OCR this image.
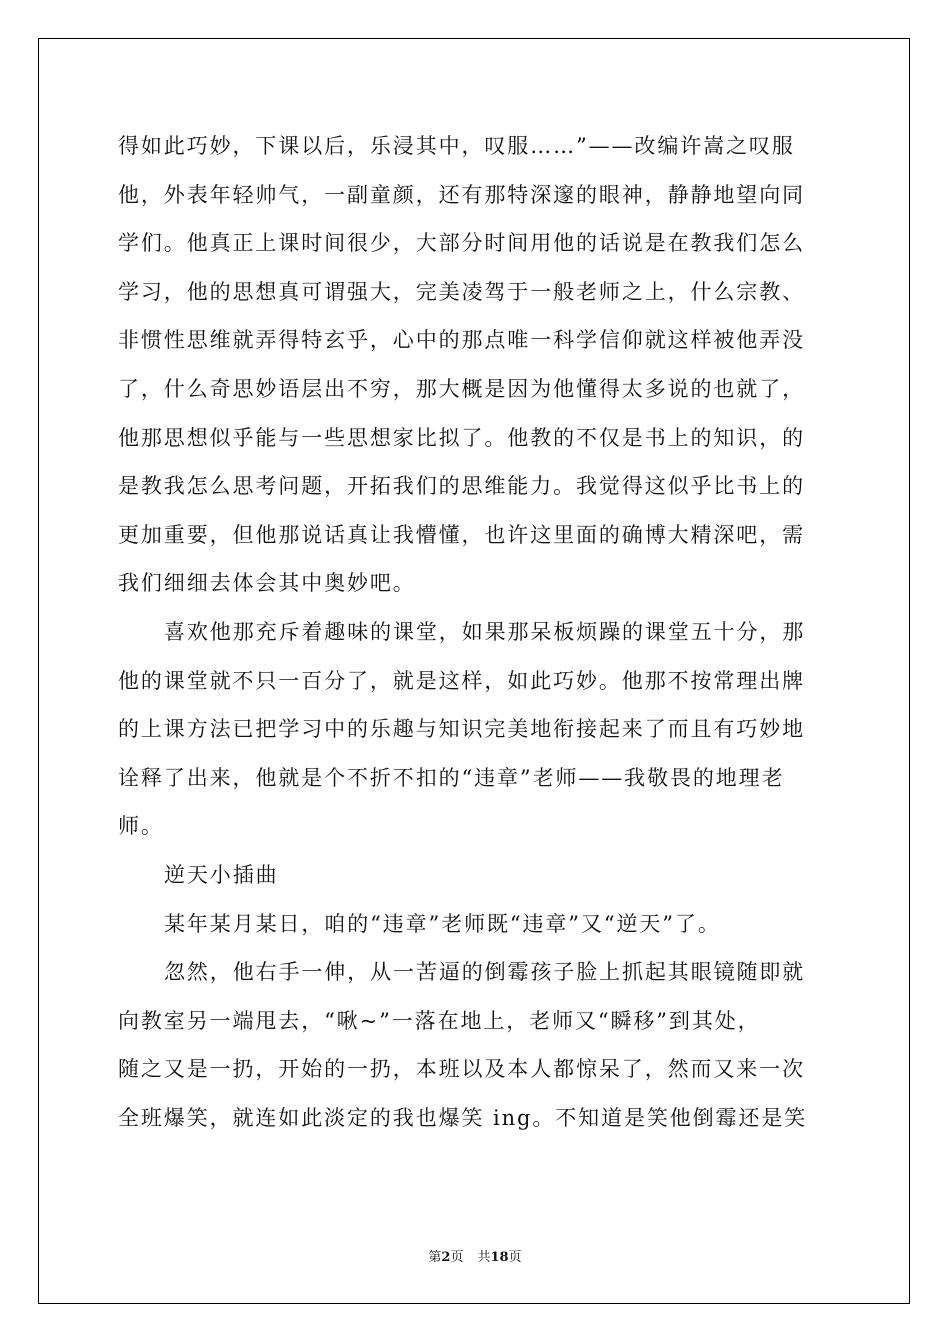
得如此巧妙，下课以后，乐浸其中，叹服……”——改编许嵩之叹服

他，外表年轻帅气，一副童颜，还有那特深邃的眼神，静静地望向同

学们。他真正上课时间很少，大部分时间用他的话说是在教我们怎么

学习，他的思想真可谓强大，完美凌驾于一般老师之上，什么宗教、

非惯性思维就弄得特玄乎，心中的那点唯一科学信仰就这样被他弄没

了，什么奇思妙语层出不穷，那大概是因为他懂得太多说的也就了，

他那思想似乎能与一些思想家比拟了。他教的不仅是书上的知识，的

是教我怎么思考问题，开拓我们的思维能力。我觉得这似乎比书上的

更加重要，但他那说话真让我懵懂，也许这里面的确博大精深吧，需

我们细细去体会其中奥妙吧。

喜欢他那充斥着趣味的课堂，如果那呆板烦躁的课堂五十分，那

他的课堂就不只一百分了，就是这样，如此巧妙。他那不按常理出牌

的上课方法已把学习中的乐趣与知识完美地衔接起来了而且有巧妙地

诠释了出来，他就是个不折不扣的“违章”老师——我敬畏的地理老

师。

逆天小插曲

某年某月某日，咱的“违章”老师既“违章”又“逆天”了。

忽然，他右手一伸，从一苦逼的倒霉孩子脸上抓起其眼镜随即就

向教室另一端甩去，“啾~”一落在地上，老师又“瞬移”到其处，

随之又是一扔，开始的一扔，本班以及本人都惊呆了，然而又来一次

全班爆笑，就连如此淡定的我也爆笑 ing。不知道是笑他倒霉还是笑

第2页 共18页
